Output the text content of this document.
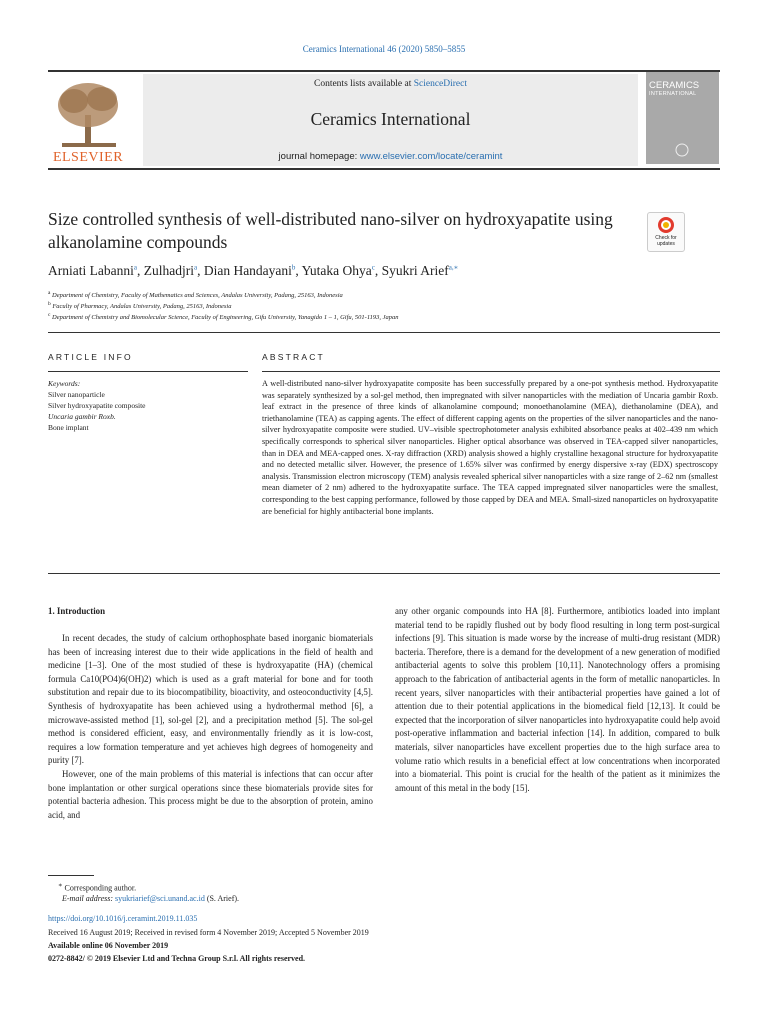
Ceramics International 46 (2020) 5850–5855
ELSEVIER
Contents lists available at ScienceDirect
Ceramics International
journal homepage: www.elsevier.com/locate/ceramint
CERAMICS
INTERNATIONAL
Size controlled synthesis of well-distributed nano-silver on hydroxyapatite using alkanolamine compounds	Check for updates
Arniati Labanni$^a$, Zulhadjri$^a$, Dian Handayani$^b$, Yutaka Ohya$^c$, Syukri Arief$^{a,∗}$
$^a$ Department of Chemistry, Faculty of Mathematics and Sciences, Andalas University, Padang, 25163, Indonesia
$^b$ Faculty of Pharmacy, Andalas University, Padang, 25163, Indonesia
$^c$ Department of Chemistry and Biomolecular Science, Faculty of Engineering, Gifu University, Yanagido 1 – 1, Gifu, 501-1193, Japan
ARTICLE INFO
Keywords:
Silver nanoparticle
Silver hydroxyapatite composite
Uncaria gambir Roxb.
Bone implant
ABSTRACT
A well-distributed nano-silver hydroxyapatite composite has been successfully prepared by a one-pot synthesis method. Hydroxyapatite was separately synthesized by a sol-gel method, then impregnated with silver nanoparticles with the mediation of Uncaria gambir Roxb. leaf extract in the presence of three kinds of alkanolamine compound; monoethanolamine (MEA), diethanolamine (DEA), and triethanolamine (TEA) as capping agents. The effect of different capping agents on the properties of the silver nanoparticles and the nano-silver hydroxyapatite composite were studied. UV–visible spectrophotometer analysis exhibited absorbance peaks at 402–439 nm which specifically corresponds to spherical silver nanoparticles. Higher optical absorbance was observed in TEA-capped silver nanoparticles, than in DEA and MEA-capped ones. X-ray diffraction (XRD) analysis showed a highly crystalline hexagonal structure for hydroxyapatite and no detected metallic silver. However, the presence of 1.65% silver was confirmed by energy dispersive x-ray (EDX) spectroscopy analysis. Transmission electron microscopy (TEM) analysis revealed spherical silver nanoparticles with a size range of 2–62 nm (smallest mean diameter of 2 nm) adhered to the hydroxyapatite surface. The TEA capped impregnated silver nanoparticles were the smallest, corresponding to the best capping performance, followed by those capped by DEA and MEA. Small-sized nanoparticles on hydroxyapatite are beneficial for highly antibacterial bone implants.
1. Introduction

In recent decades, the study of calcium orthophosphate based inorganic biomaterials has been of increasing interest due to their wide applications in the field of health and medicine [1–3]. One of the most studied of these is hydroxyapatite (HA) (chemical formula Ca10(PO4)6(OH)2) which is used as a graft material for bone and for tooth substitution and repair due to its biocompatibility, bioactivity, and osteoconductivity [4,5]. Synthesis of hydroxyapatite has been achieved using a hydrothermal method [6], a microwave-assisted method [1], sol-gel [2], and a precipitation method [5]. The sol-gel method is considered efficient, easy, and environmentally friendly as it is low-cost, requires a low formation temperature and yet achieves high degrees of homogeneity and purity [7].

However, one of the main problems of this material is infections that can occur after bone implantation or other surgical operations since these biomaterials provide sites for potential bacteria adhesion. This process might be due to the absorption of protein, amino acid, and

any other organic compounds into HA [8]. Furthermore, antibiotics loaded into implant material tend to be rapidly flushed out by body flood resulting in long term post-surgical infections [9]. This situation is made worse by the increase of multi-drug resistant (MDR) bacteria. Therefore, there is a demand for the development of a new generation of modified antibacterial agents to solve this problem [10,11]. Nanotechnology offers a promising approach to the fabrication of antibacterial agents in the form of metallic nanoparticles. In recent years, silver nanoparticles with their antibacterial properties have gained a lot of attention due to their potential applications in the biomedical field [12,13]. It could be expected that the incorporation of silver nanoparticles into hydroxyapatite could help avoid post-operative inflammation and bacterial infection [14]. In addition, compared to bulk materials, silver nanoparticles have excellent properties due to the high surface area to volume ratio which results in a beneficial effect at low concentrations when incorporated into a biomaterial. This point is crucial for the health of the patient as it minimizes the amount of this metal in the body [15].

∗ Corresponding author.
E-mail address: syukriarief@sci.unand.ac.id (S. Arief).
https://doi.org/10.1016/j.ceramint.2019.11.035
Received 16 August 2019; Received in revised form 4 November 2019; Accepted 5 November 2019
Available online 06 November 2019
0272-8842/ © 2019 Elsevier Ltd and Techna Group S.r.l. All rights reserved.
